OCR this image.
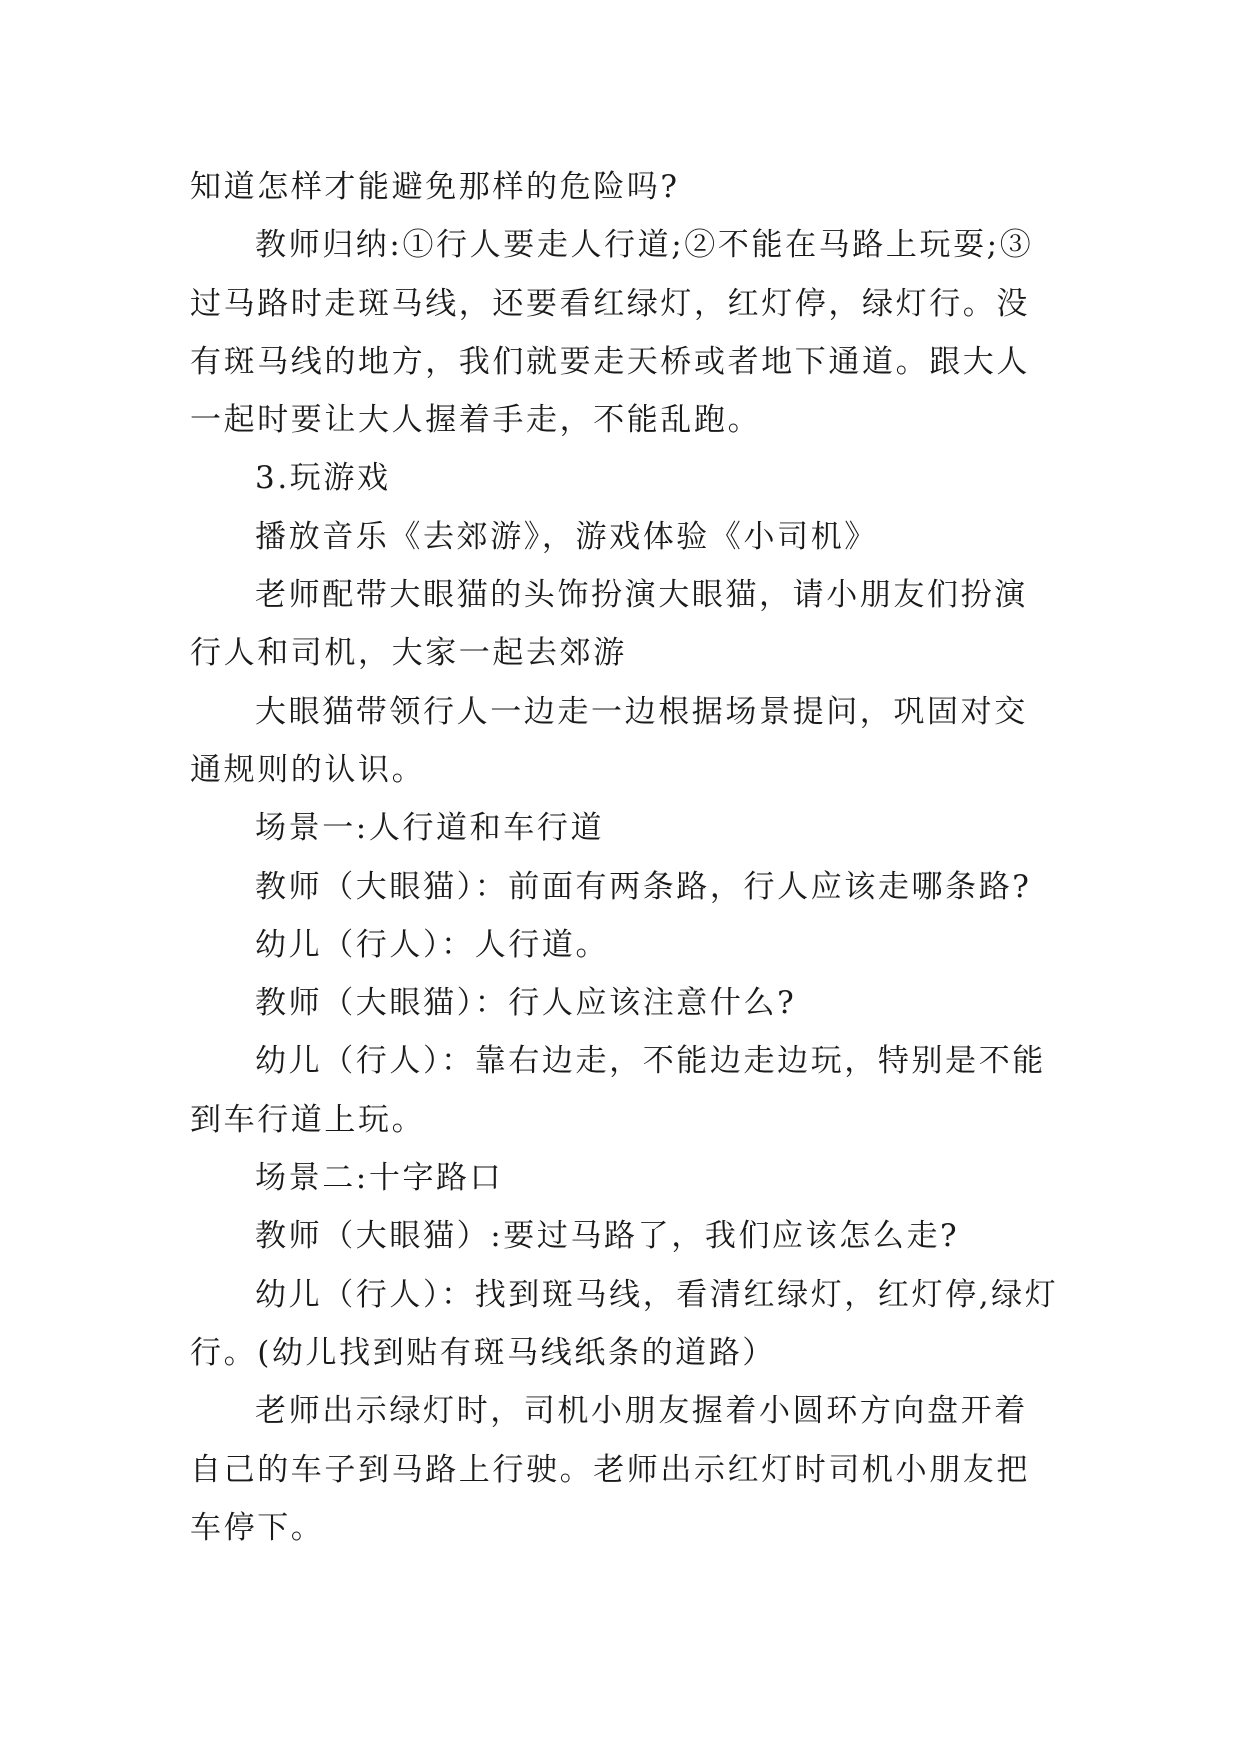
知道怎样才能避免那样的危险吗?

教师归纳:①行人要走人行道;②不能在马路上玩耍;③过马路时走斑马线，还要看红绿灯，红灯停，绿灯行。没有斑马线的地方，我们就要走天桥或者地下通道。跟大人一起时要让大人握着手走，不能乱跑。

3.玩游戏

播放音乐《去郊游》，游戏体验《小司机》

老师配带大眼猫的头饰扮演大眼猫，请小朋友们扮演行人和司机，大家一起去郊游

大眼猫带领行人一边走一边根据场景提问，巩固对交通规则的认识。

场景一:人行道和车行道

教师（大眼猫）：前面有两条路，行人应该走哪条路?

幼儿（行人）：人行道。

教师（大眼猫）：行人应该注意什么?

幼儿（行人）：靠右边走，不能边走边玩，特别是不能到车行道上玩。

场景二:十字路口

教师（大眼猫）:要过马路了，我们应该怎么走?

幼儿（行人）：找到斑马线，看清红绿灯，红灯停,绿灯行。(幼儿找到贴有斑马线纸条的道路）

老师出示绿灯时，司机小朋友握着小圆环方向盘开着自己的车子到马路上行驶。老师出示红灯时司机小朋友把车停下。
